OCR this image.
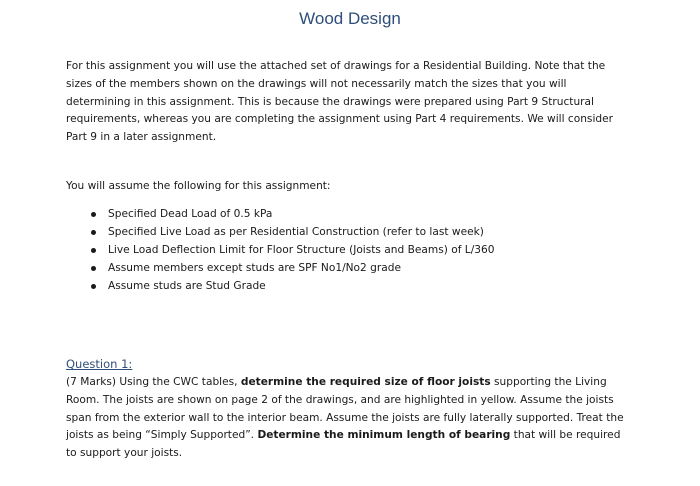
Wood Design
For this assignment you will use the attached set of drawings for a Residential Building. Note that the sizes of the members shown on the drawings will not necessarily match the sizes that you will determining in this assignment. This is because the drawings were prepared using Part 9 Structural requirements, whereas you are completing the assignment using Part 4 requirements. We will consider Part 9 in a later assignment.
You will assume the following for this assignment:
Specified Dead Load of 0.5 kPa
Specified Live Load as per Residential Construction (refer to last week)
Live Load Deflection Limit for Floor Structure (Joists and Beams) of L/360
Assume members except studs are SPF No1/No2 grade
Assume studs are Stud Grade
Question 1:
(7 Marks) Using the CWC tables, determine the required size of floor joists supporting the Living Room. The joists are shown on page 2 of the drawings, and are highlighted in yellow. Assume the joists span from the exterior wall to the interior beam. Assume the joists are fully laterally supported. Treat the joists as being “Simply Supported”. Determine the minimum length of bearing that will be required to support your joists.
